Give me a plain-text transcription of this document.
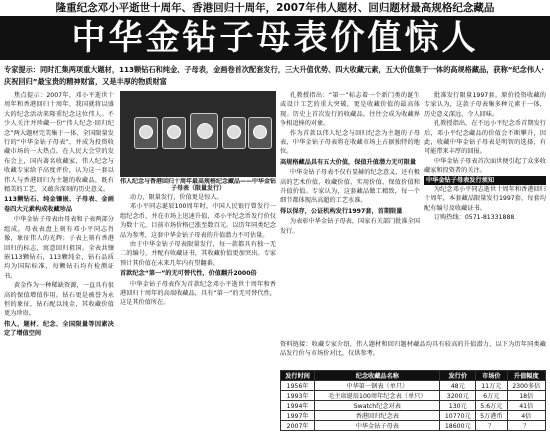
隆重纪念邓小平逝世十周年、香港回归十周年，2007年伟人题材、回归题材最高规格纪念藏品
中华金钻子母表价值惊人
专家提示：同时汇集两项重大题材，113颗钻石和纯金、子母表，金画卷首次配套发行，三大升值优势、四大收藏元素，五大价值集于一体的高规格藏品，获称“纪念伟人·庆祝回归”最宝贵的精神财富，又是丰厚的物质财富

焦点提示：2007年，邓小平逝世十周年和香港回归十周年，我国就将以盛大的纪念活动来隆重纪念这位伟人。不少人关注并珍藏一份“伟人纪念·回归纪念”两大题材完美集于一体、全国限量发行的“中华金钻子母表”，并成为投资收藏市场的一大热点。在人民大会堂的发布会上，国内著名收藏家、伟人纪念与收藏专家给予高度评价，认为这一套以伟人与香港回归为主题的收藏品，既有精美的工艺，又蕴含深刻的历史意义。

113颗钻石、纯金镶嵌、子母表、金画卷四大元素构成收藏珍品

中华金钻子母表由母表和子表两部分组成，母表表盘上刻有邓小平同志肖像，象征伟人的光辉；子表上刻有香港回归的标志，寓意回归祖国。全表共镶嵌113颗钻石，113颗纯金，钻石品质均为国际标准，每颗钻石均有检测证书。

黄金作为一种稀缺资源，一直具有很高的保值增值作用。钻石更是被誉为永恒的象征，钻石配以纯金，其收藏价值更为珍贵。

伟人、题材、纪念、全国限量等因素决定了增值空间

伟人纪念与香港回归十周年最高规格纪念藏品——中华金钻子母表（限量发行）

动力，限量发行，价值更是惊人。

邓小平同志诞辰100周年时，中国人民银行曾发行一组纪念币，并在市场上迅速升值，邓小平纪念币发行价仅为数十元，目前市场价格已涨至数百元。以历年同类纪念品为参考，这套中华金钻子母表的升值潜力不可估量。

由于中华金钻子母表限量发行，每一款都具有独一无二的编号，并配有收藏证书，其收藏价值更加突出。专家预计其价值在未来几年内有望翻番。

首款纪念“第一”的无可替代性，价值翻升2000倍

中华金钻子母表作为首款纪念邓小平逝世十周年和香港回归十周年的高端收藏品，具有“第一”的无可替代性，这是其价值所在。

孔教授指出：“第一”标志着一个新门类的诞生或设计工艺的重大突破，更是收藏价值的最高体现。历史上首次发行的收藏品，往往会成为收藏界争相追捧的对象。

作为首款以伟人纪念与回归纪念为主题的子母表，中华金钻子母表将在收藏市场上占据独特的地位。

高规格藏品具有五大价值，保值升值潜力无可限量

中华金钻子母表不仅有显赫的纪念意义，还有极高的艺术价值、收藏价值、实用价值、保值价值和升值价值。专家认为，这套藏品做工精致，每一个细节都体现出高超的工艺水准。

得以保存，公证机构发行1997套，首期限量

为表彰中华金钻子母表，国家有关部门批准全国发行。

批准发行限量1997套。原价投资收藏的专家认为，这款子母表集多种元素于一体，历史意义深远，令人回味。

孔教授指出，在不远小平纪念币首期发行后，邓小平纪念藏品的价值会不断攀升，因此，收藏中华金钻子母表是明智的选择，有可能带来丰厚的回报。

中华金钻子母表首次面世便引起了众多收藏家和投资者的关注。

中华金钻子母表发行须知

为纪念邓小平同志逝世十周年和香港回归十周年，本套藏品限量发行1997套，每套均配有编号及收藏证书。

订购热线：0571-81331888

资料链接：收藏专家介绍，伟人题材和回归题材藏品均具有较高的升值潜力，以下为历年同类藏品发行价与市场价对比，仅供参考。
发行时间	纪念收藏品名称	发行价	市场价	升值幅度
1956年	中华第一钢表（单只）	48元	11万元	2300多倍
1993年	毛主席诞辰100周年纪念表（单只）	3200元	6万元	18倍
1994年	Swatch纪念对表	130元	5.6万元	41倍
1997年	香港回归纪念表	10770元	5万港币	4倍
2007年	中华金钻子母表	18600元	？	？
